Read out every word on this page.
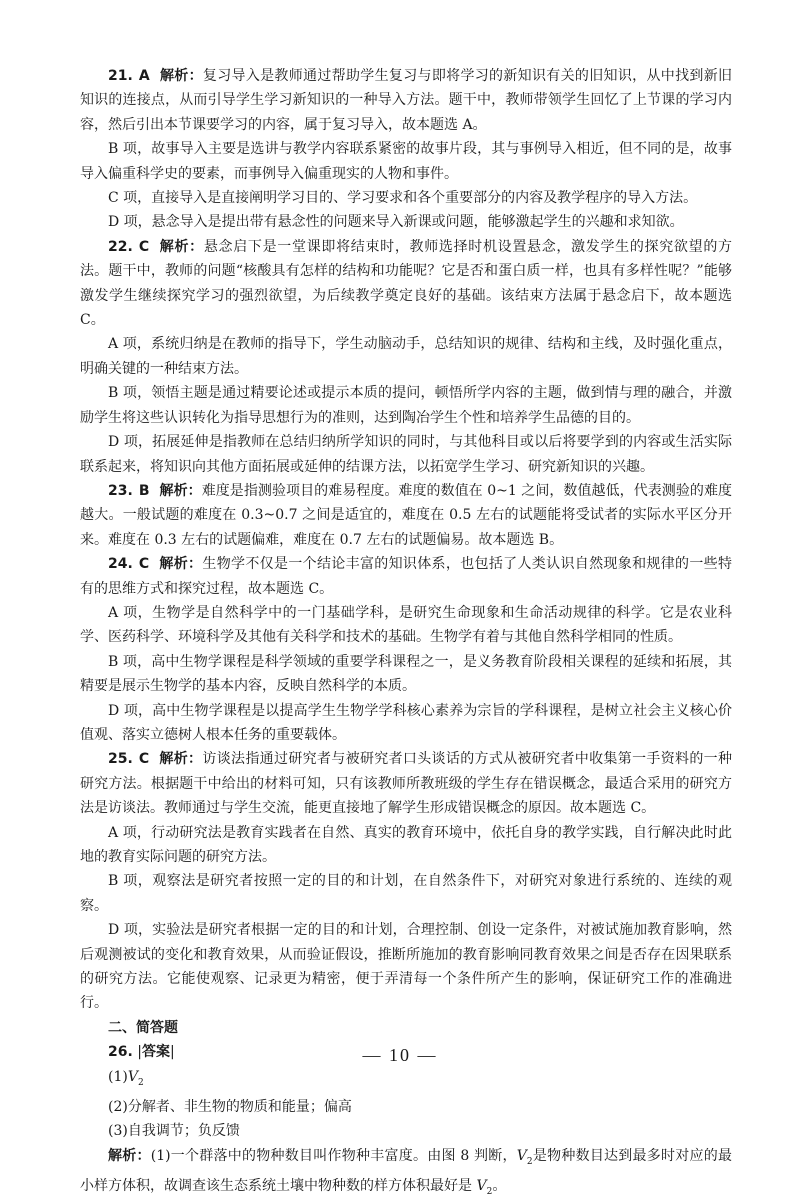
21. A 解析：复习导入是教师通过帮助学生复习与即将学习的新知识有关的旧知识，从中找到新旧知识的连接点，从而引导学生学习新知识的一种导入方法。题干中，教师带领学生回忆了上节课的学习内容，然后引出本节课要学习的内容，属于复习导入，故本题选 A。

B 项，故事导入主要是选讲与教学内容联系紧密的故事片段，其与事例导入相近，但不同的是，故事导入偏重科学史的要素，而事例导入偏重现实的人物和事件。

C 项，直接导入是直接阐明学习目的、学习要求和各个重要部分的内容及教学程序的导入方法。

D 项，悬念导入是提出带有悬念性的问题来导入新课或问题，能够激起学生的兴趣和求知欲。

22. C 解析：悬念启下是一堂课即将结束时，教师选择时机设置悬念，激发学生的探究欲望的方法。题干中，教师的问题“核酸具有怎样的结构和功能呢？它是否和蛋白质一样，也具有多样性呢？”能够激发学生继续探究学习的强烈欲望，为后续教学奠定良好的基础。该结束方法属于悬念启下，故本题选 C。

A 项，系统归纳是在教师的指导下，学生动脑动手，总结知识的规律、结构和主线，及时强化重点，明确关键的一种结束方法。

B 项，领悟主题是通过精要论述或提示本质的提问，顿悟所学内容的主题，做到情与理的融合，并激励学生将这些认识转化为指导思想行为的准则，达到陶冶学生个性和培养学生品德的目的。

D 项，拓展延伸是指教师在总结归纳所学知识的同时，与其他科目或以后将要学到的内容或生活实际联系起来，将知识向其他方面拓展或延伸的结课方法，以拓宽学生学习、研究新知识的兴趣。

23. B 解析：难度是指测验项目的难易程度。难度的数值在 0~1 之间，数值越低，代表测验的难度越大。一般试题的难度在 0.3~0.7 之间是适宜的，难度在 0.5 左右的试题能将受试者的实际水平区分开来。难度在 0.3 左右的试题偏难，难度在 0.7 左右的试题偏易。故本题选 B。

24. C 解析：生物学不仅是一个结论丰富的知识体系，也包括了人类认识自然现象和规律的一些特有的思维方式和探究过程，故本题选 C。

A 项，生物学是自然科学中的一门基础学科，是研究生命现象和生命活动规律的科学。它是农业科学、医药科学、环境科学及其他有关科学和技术的基础。生物学有着与其他自然科学相同的性质。

B 项，高中生物学课程是科学领域的重要学科课程之一，是义务教育阶段相关课程的延续和拓展，其精要是展示生物学的基本内容，反映自然科学的本质。

D 项，高中生物学课程是以提高学生生物学学科核心素养为宗旨的学科课程，是树立社会主义核心价值观、落实立德树人根本任务的重要载体。

25. C 解析：访谈法指通过研究者与被研究者口头谈话的方式从被研究者中收集第一手资料的一种研究方法。根据题干中给出的材料可知，只有该教师所教班级的学生存在错误概念，最适合采用的研究方法是访谈法。教师通过与学生交流，能更直接地了解学生形成错误概念的原因。故本题选 C。

A 项，行动研究法是教育实践者在自然、真实的教育环境中，依托自身的教学实践，自行解决此时此地的教育实际问题的研究方法。

B 项，观察法是研究者按照一定的目的和计划，在自然条件下，对研究对象进行系统的、连续的观察。

D 项，实验法是研究者根据一定的目的和计划，合理控制、创设一定条件，对被试施加教育影响，然后观测被试的变化和教育效果，从而验证假设，推断所施加的教育影响同教育效果之间是否存在因果联系的研究方法。它能使观察、记录更为精密，便于弄清每一个条件所产生的影响，保证研究工作的准确进行。

二、简答题

26. |答案|

$(1)V_2$

(2)分解者、非生物的物质和能量；偏高

(3)自我调节；负反馈

解析：(1)一个群落中的物种数目叫作物种丰富度。由图 8 判断，$V_2$是物种数目达到最多时对应的最小样方体积，故调查该生态系统土壤中物种数的样方体积最好是 $V_2$。

— 10 —
